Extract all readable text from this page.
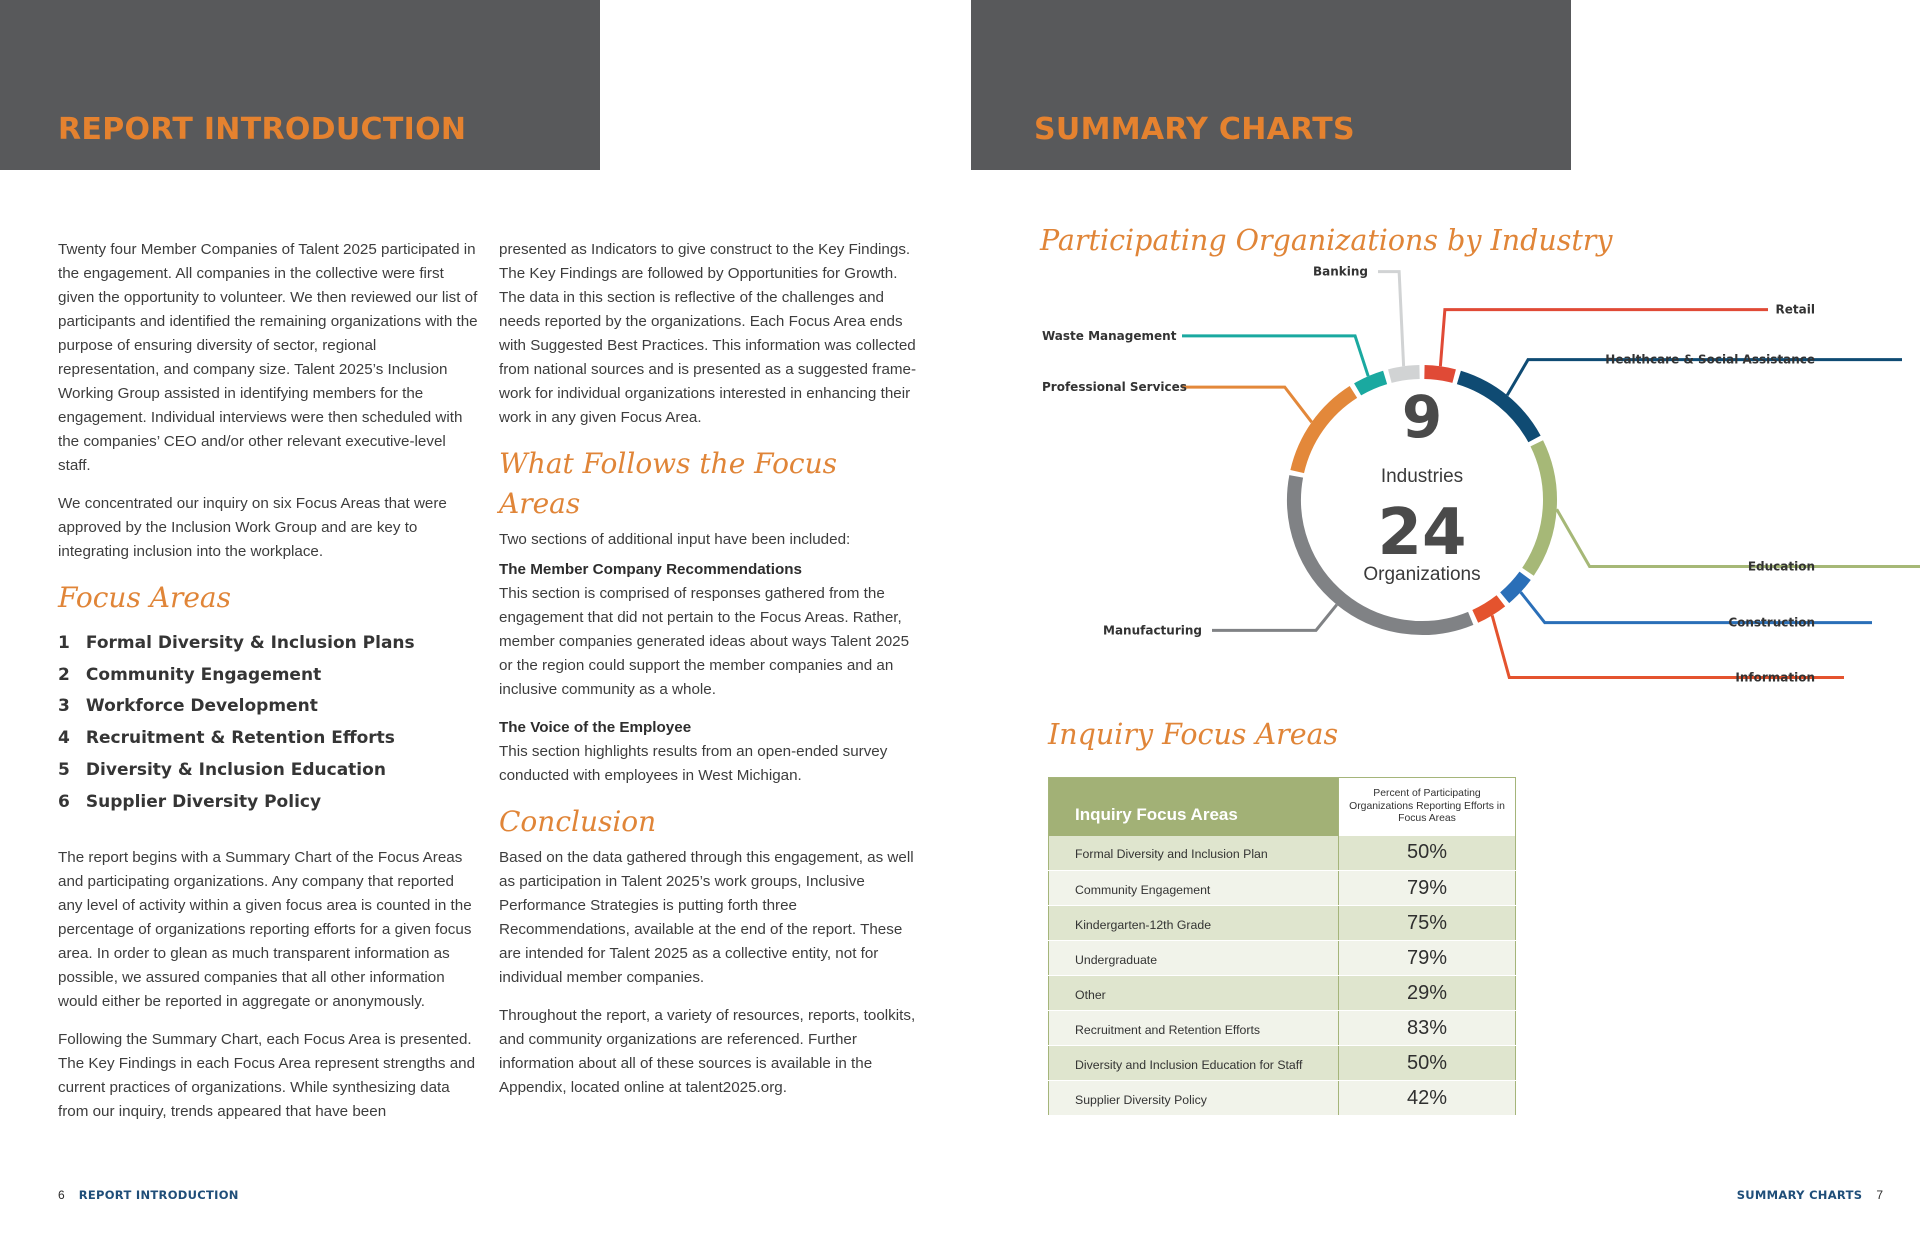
REPORT INTRODUCTION

Twenty four Member Companies of Talent 2025 participated in the engagement. All companies in the collective were first given the opportunity to volunteer. We then reviewed our list of participants and identified the remaining organizations with the purpose of ensuring diversity of sector, regional representation, and company size. Talent 2025’s Inclusion Working Group assisted in identifying members for the engagement. Individual interviews were then scheduled with the companies’ CEO and/or other relevant executive-level staff.

We concentrated our inquiry on six Focus Areas that were approved by the Inclusion Work Group and are key to integrating inclusion into the workplace.

Focus Areas
1 Formal Diversity & Inclusion Plans
2 Community Engagement
3 Workforce Development
4 Recruitment & Retention Efforts
5 Diversity & Inclusion Education
6 Supplier Diversity Policy

The report begins with a Summary Chart of the Focus Areas and participating organizations. Any company that reported any level of activity within a given focus area is counted in the percentage of organizations reporting efforts for a given focus area. In order to glean as much transparent information as possible, we assured companies that all other information would either be reported in aggregate or anonymously.

Following the Summary Chart, each Focus Area is presented. The Key Findings in each Focus Area represent strengths and current practices of organizations. While synthesizing data from our inquiry, trends appeared that have been

presented as Indicators to give construct to the Key Findings. The Key Findings are followed by Opportunities for Growth. The data in this section is reflective of the challenges and needs reported by the organizations. Each Focus Area ends with Suggested Best Practices. This information was collected from national sources and is presented as a suggested frame-work for individual organizations interested in enhancing their work in any given Focus Area.

What Follows the Focus Areas

Two sections of additional input have been included:

The Member Company Recommendations
This section is comprised of responses gathered from the engagement that did not pertain to the Focus Areas. Rather, member companies generated ideas about ways Talent 2025 or the region could support the member companies and an inclusive community as a whole.
The Voice of the Employee
This section highlights results from an open-ended survey conducted with employees in West Michigan.
Conclusion

Based on the data gathered through this engagement, as well as participation in Talent 2025’s work groups, Inclusive Performance Strategies is putting forth three Recommendations, available at the end of the report. These are intended for Talent 2025 as a collective entity, not for individual member companies.

Throughout the report, a variety of resources, reports, toolkits, and community organizations are referenced. Further information about all of these sources is available in the Appendix, located online at talent2025.org.

6 REPORT INTRODUCTION
SUMMARY CHARTS
Participating Organizations by Industry
9
Industries
24
Organizations
Retail
Healthcare & Social Assistance
Education
Construction
Information
Manufacturing
Professional Services
Waste Management
Banking
Inquiry Focus Areas
Inquiry Focus Areas	Percent of Participating Organizations Reporting Efforts in Focus Areas
Formal Diversity and Inclusion Plan	50%
Community Engagement	79%
Kindergarten-12th Grade	75%
Undergraduate	79%
Other	29%
Recruitment and Retention Efforts	83%
Diversity and Inclusion Education for Staff	50%
Supplier Diversity Policy	42%
SUMMARY CHARTS 7
